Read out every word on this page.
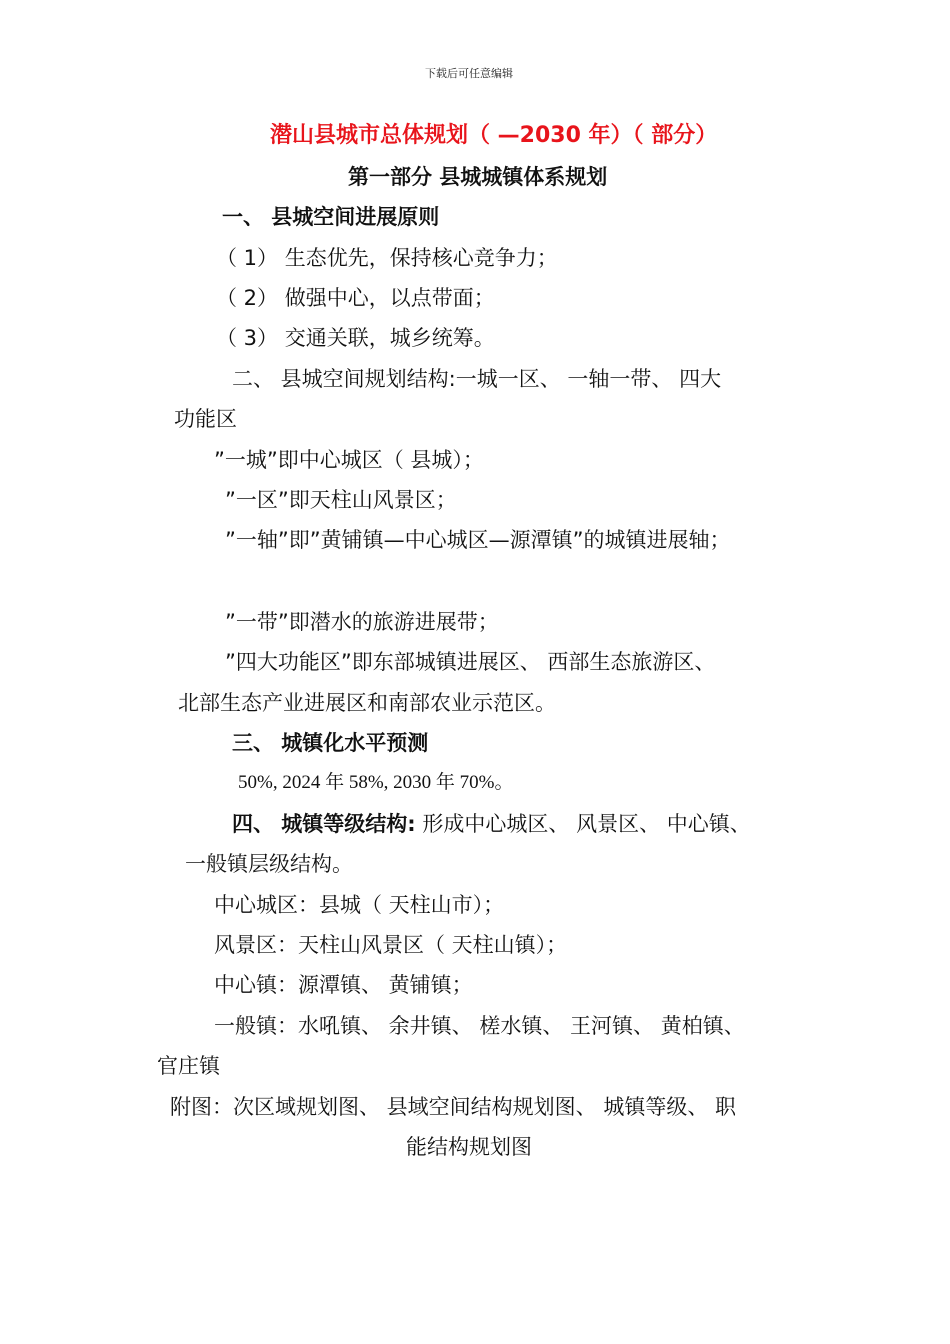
下载后可任意编辑
潜山县城市总体规划（ —2030 年）（ 部分）
第一部分 县城城镇体系规划
一、 县城空间进展原则
（ 1） 生态优先，保持核心竞争力；
（ 2） 做强中心，以点带面；
（ 3） 交通关联，城乡统筹。
二、 县城空间规划结构:一城一区、 一轴一带、 四大
功能区
”一城”即中心城区（ 县城）；
”一区”即天柱山风景区；
”一轴”即”黄铺镇—中心城区—源潭镇”的城镇进展轴；
”一带”即潜水的旅游进展带；
”四大功能区”即东部城镇进展区、 西部生态旅游区、
北部生态产业进展区和南部农业示范区。
三、 城镇化水平预测
50%, 2024 年 58%, 2030 年 70%。
四、 城镇等级结构: 形成中心城区、 风景区、 中心镇、
一般镇层级结构。
中心城区：县城（ 天柱山市）；
风景区：天柱山风景区（ 天柱山镇）；
中心镇：源潭镇、 黄铺镇；
一般镇：水吼镇、 余井镇、 槎水镇、 王河镇、 黄柏镇、
官庄镇
附图：次区域规划图、 县域空间结构规划图、 城镇等级、 职
能结构规划图
